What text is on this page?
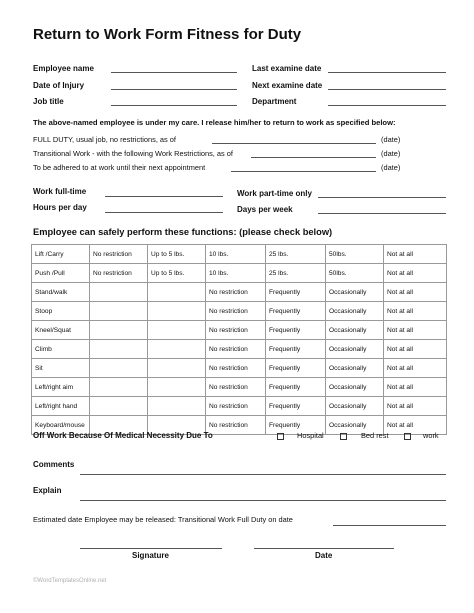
Return to Work Form Fitness for Duty
Employee name
Date of Injury
Job title
Last examine date
Next examine date
Department
The above-named employee is under my care. I release him/her to return to work as specified below:
FULL DUTY, usual job, no restrictions, as of	(date)
Transitional Work - with the following Work Restrictions, as of	(date)
To be adhered to at work until their next appointment	(date)
Work full-time
Hours per day
Work part-time only
Days per week
Employee can safely perform these functions: (please check below)
Lift /Carry	No restriction	Up to 5 lbs.	10 lbs.	25 lbs.	50lbs.	Not at all
Push /Pull	No restriction	Up to 5 lbs.	10 lbs.	25 lbs.	50lbs.	Not at all
Stand/walk			No restriction	Frequently	Occasionally	Not at all
Stoop			No restriction	Frequently	Occasionally	Not at all
Kneel/Squat			No restriction	Frequently	Occasionally	Not at all
Climb			No restriction	Frequently	Occasionally	Not at all
Sit			No restriction	Frequently	Occasionally	Not at all
Left/right aim			No restriction	Frequently	Occasionally	Not at all
Left/right hand			No restriction	Frequently	Occasionally	Not at all
Keyboard/mouse			No restriction	Frequently	Occasionally	Not at all
Off Work Because Of Medical Necessity Due To	Hospital	Bed rest	work
Comments
Explain
Estimated date Employee may be released: Transitional Work Full Duty on date
Signature	Date
©WordTemplatesOnline.net
